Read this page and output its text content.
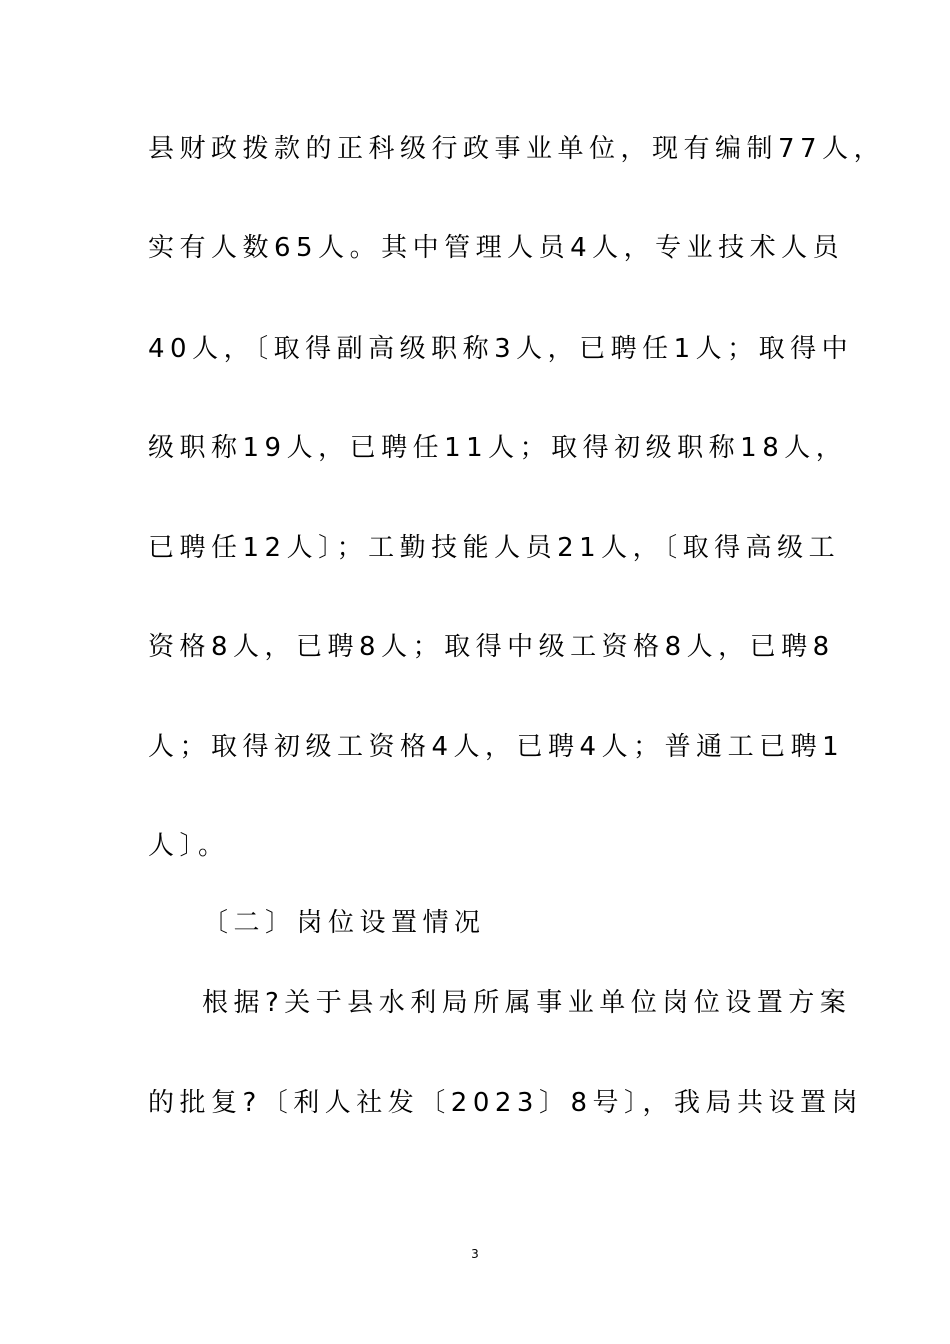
县财政拨款的正科级行政事业单位，现有编制77人，
实有人数65人。其中管理人员4人，专业技术人员
40人，〔取得副高级职称3人，已聘任1人；取得中
级职称19人，已聘任11人；取得初级职称18人，
已聘任12人〕；工勤技能人员21人，〔取得高级工
资格8人，已聘8人；取得中级工资格8人，已聘8
人；取得初级工资格4人，已聘4人；普通工已聘1
人〕。
〔二〕岗位设置情况
根据?关于县水利局所属事业单位岗位设置方案
的批复?〔利人社发〔2023〕8号〕，我局共设置岗
3
